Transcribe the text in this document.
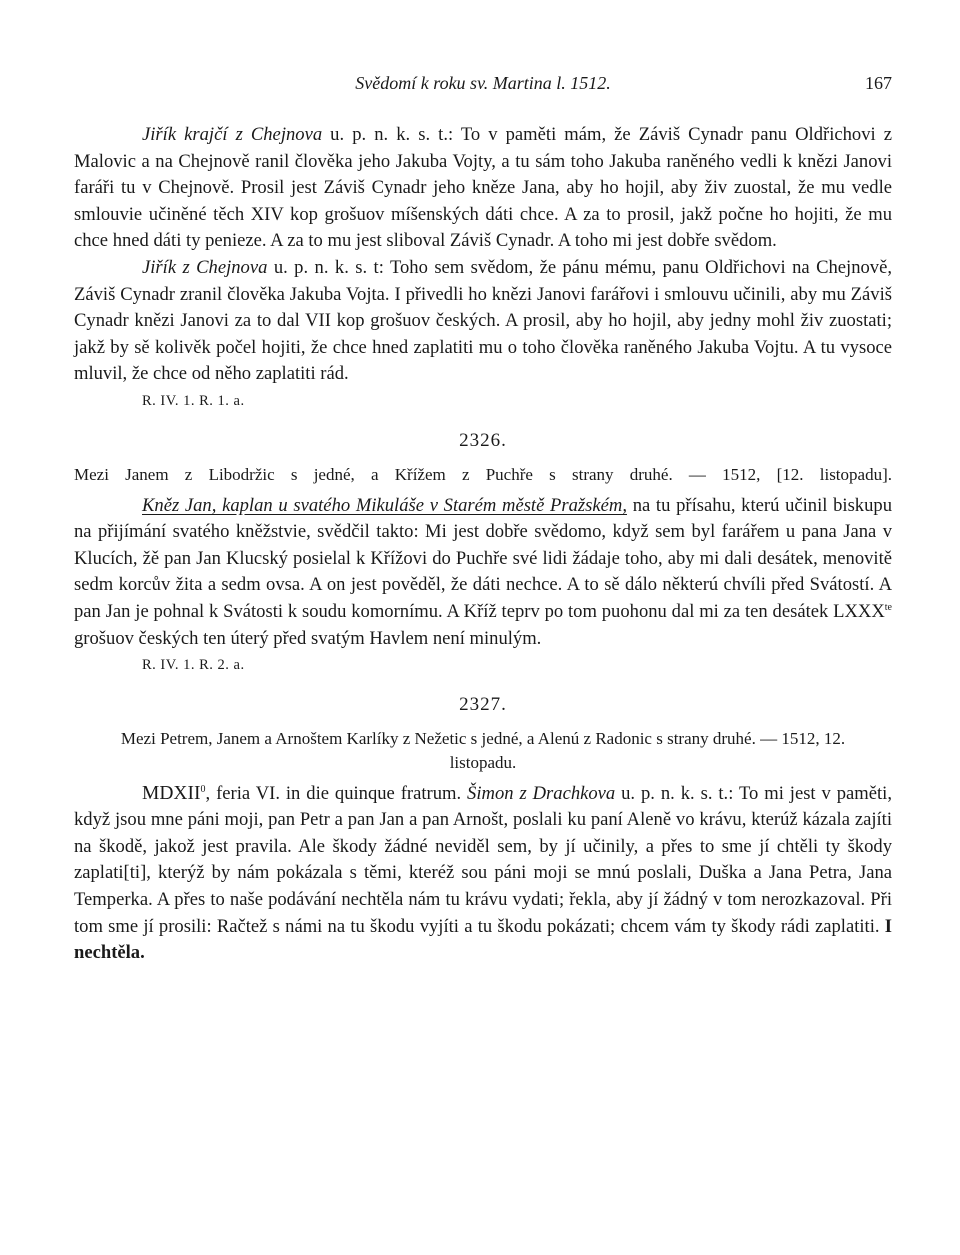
Svědomí k roku sv. Martina l. 1512.	167

Jiřík krajčí z Chejnova u. p. n. k. s. t.: To v paměti mám, že Záviš Cynadr panu Oldřichovi z Malovic a na Chejnově ranil člověka jeho Jakuba Vojty, a tu sám toho Jakuba raněného vedli k knězi Janovi faráři tu v Chejnově. Prosil jest Záviš Cynadr jeho kněze Jana, aby ho hojil, aby živ zuostal, že mu vedle smlouvie učiněné těch XIV kop grošuov míšenských dáti chce. A za to prosil, jakž počne ho hojiti, že mu chce hned dáti ty penieze. A za to mu jest sliboval Záviš Cynadr. A toho mi jest dobře svědom.

Jiřík z Chejnova u. p. n. k. s. t: Toho sem svědom, že pánu mému, panu Oldřichovi na Chejnově, Záviš Cynadr zranil člověka Jakuba Vojta. I přivedli ho knězi Janovi farářovi i smlouvu učinili, aby mu Záviš Cynadr knězi Janovi za to dal VII kop grošuov českých. A prosil, aby ho hojil, aby jedny mohl živ zuostati; jakž by sě kolivěk počel hojiti, že chce hned zaplatiti mu o toho člověka raněného Jakuba Vojtu. A tu vysoce mluvil, že chce od něho zaplatiti rád.

R. IV. 1. R. 1. a.
2326.

Mezi Janem z Libodržic s jedné, a Křížem z Puchře s strany druhé. — 1512, [12. listopadu].

Kněz Jan, kaplan u svatého Mikuláše v Starém městě Pražském, na tu přísahu, kterú učinil biskupu na přijímání svatého kněžstvie, svědčil takto: Mi jest dobře svědomo, když sem byl farářem u pana Jana v Klucích, žě pan Jan Klucský posielal k Křížovi do Puchře své lidi žádaje toho, aby mi dali desátek, menovitě sedm korcův žita a sedm ovsa. A on jest pověděl, že dáti nechce. A to sě dálo některú chvíli před Svátostí. A pan Jan je pohnal k Svátosti k soudu komornímu. A Kříž teprv po tom puohonu dal mi za ten desátek $LXXX^{te}$ grošuov českých ten úterý před svatým Havlem není minulým.

R. IV. 1. R. 2. a.
2327.

Mezi Petrem, Janem a Arnoštem Karlíky z Nežetic s jedné, a Alenú z Radonic s strany druhé. — 1512, 12. listopadu.

MDXII$^0$, feria VI. in die quinque fratrum. Šimon z Drachkova u. p. n. k. s. t.: To mi jest v paměti, když jsou mne páni moji, pan Petr a pan Jan a pan Arnošt, poslali ku paní Aleně vo krávu, kterúž kázala zajíti na škodě, jakož jest pravila. Ale škody žádné neviděl sem, by jí učinily, a přes to sme jí chtěli ty škody zaplati[ti], kterýž by nám pokázala s těmi, kteréž sou páni moji se mnú poslali, Duška a Jana Petra, Jana Temperka. A přes to naše podávání nechtěla nám tu krávu vydati; řekla, aby jí žádný v tom nerozkazoval. Při tom sme jí prosili: Račtež s námi na tu škodu vyjíti a tu škodu pokázati; chcem vám ty škody rádi zaplatiti. I nechtěla.
